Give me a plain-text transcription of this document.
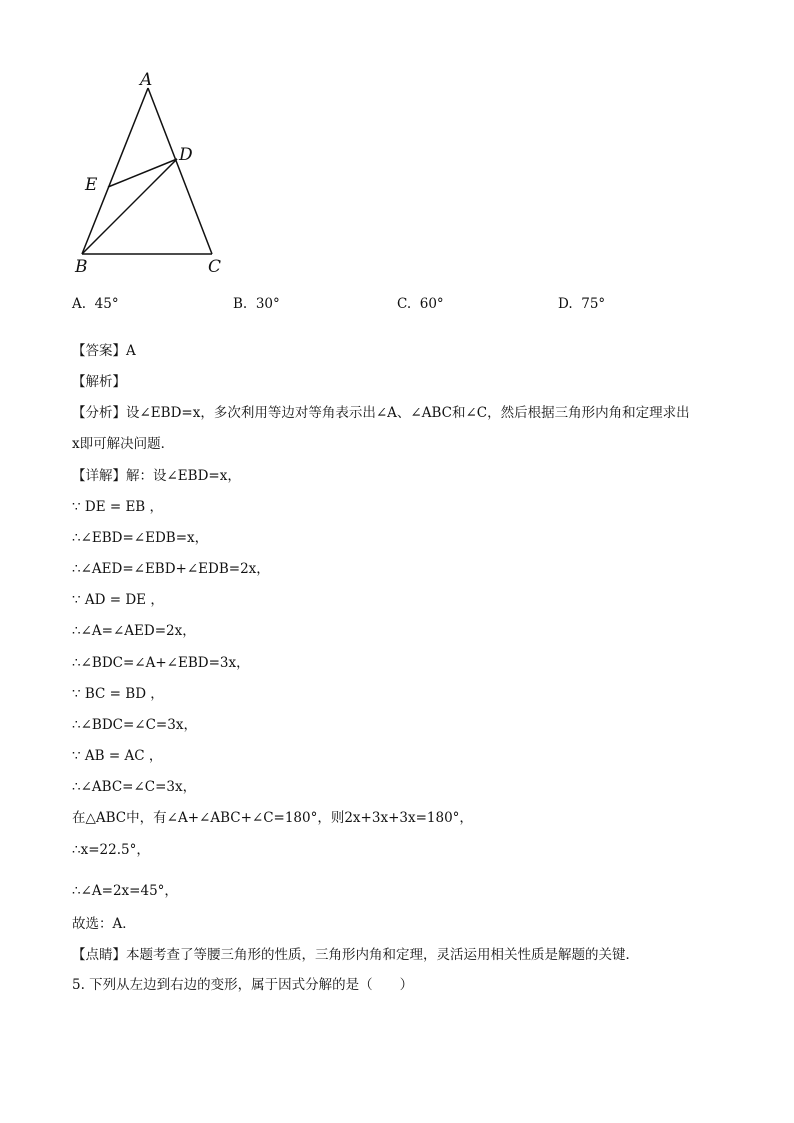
A
D
E
B	C
A. 45°	B. 30°	C. 60°	D. 75°
【答案】A
【解析】
【分析】设∠EBD=x，多次利用等边对等角表示出∠A、∠ABC和∠C，然后根据三角形内角和定理求出
x即可解决问题．
【详解】解：设∠EBD=x，
∵ DE = EB ，
∴∠EBD=∠EDB=x，
∴∠AED=∠EBD+∠EDB=2x，
∵ AD = DE ，
∴∠A=∠AED=2x，
∴∠BDC=∠A+∠EBD=3x，
∵ BC = BD ，
∴∠BDC=∠C=3x，
∵ AB = AC ，
∴∠ABC=∠C=3x，
在△ABC中，有∠A+∠ABC+∠C=180°，则2x+3x+3x=180°，
∴x=22.5°，
∴∠A=2x=45°，
故选：A．
【点睛】本题考查了等腰三角形的性质，三角形内角和定理，灵活运用相关性质是解题的关键．
5. 下列从左边到右边的变形，属于因式分解的是（　　）
